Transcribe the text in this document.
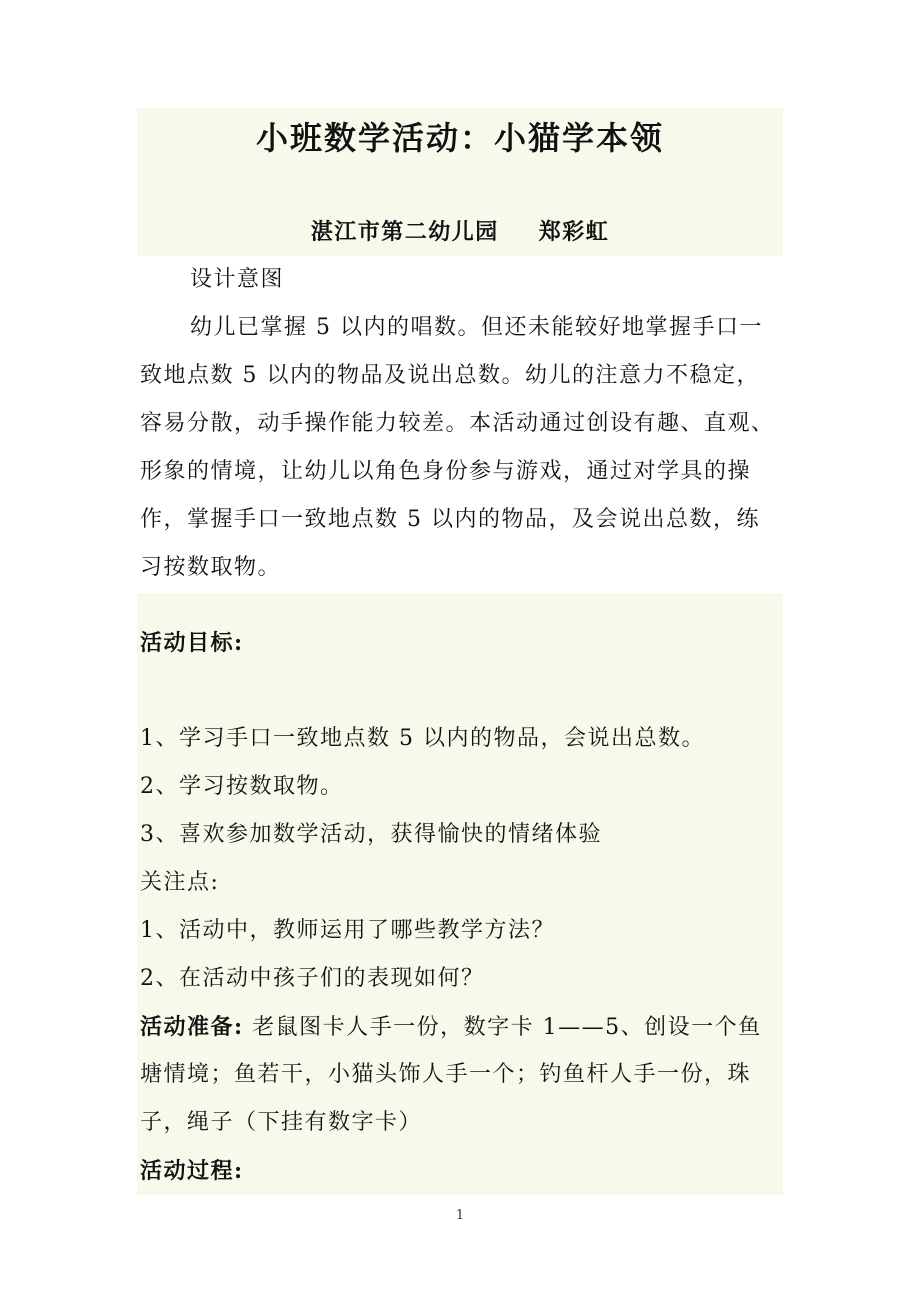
小班数学活动：小猫学本领
湛江市第二幼儿园 郑彩虹
设计意图
幼儿已掌握 5 以内的唱数。但还未能较好地掌握手口一
致地点数 5 以内的物品及说出总数。幼儿的注意力不稳定，
容易分散，动手操作能力较差。本活动通过创设有趣、直观、
形象的情境，让幼儿以角色身份参与游戏，通过对学具的操
作，掌握手口一致地点数 5 以内的物品，及会说出总数，练
习按数取物。
活动目标:
1、学习手口一致地点数 5 以内的物品，会说出总数。
2、学习按数取物。
3、喜欢参加数学活动，获得愉快的情绪体验
关注点:
1、活动中，教师运用了哪些教学方法？
2、在活动中孩子们的表现如何？
活动准备: 老鼠图卡人手一份，数字卡 1——5、创设一个鱼
塘情境；鱼若干，小猫头饰人手一个；钓鱼杆人手一份，珠
子，绳子（下挂有数字卡）
活动过程:
1
